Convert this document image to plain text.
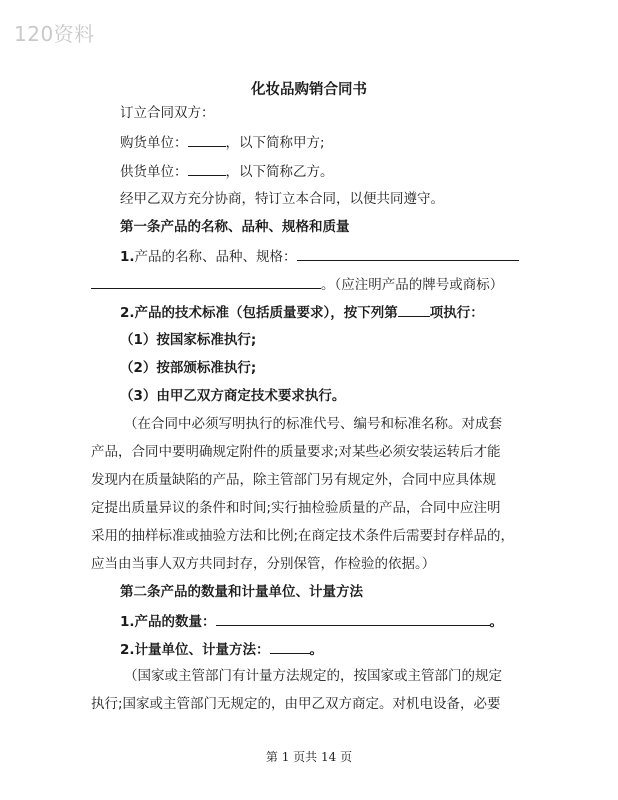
120资料
化妆品购销合同书
订立合同双方：
购货单位：	，以下简称甲方;
供货单位：	，以下简称乙方。
经甲乙双方充分协商，特订立本合同，以便共同遵守。
第一条产品的名称、品种、规格和质量
1.产品的名称、品种、规格：
。（应注明产品的牌号或商标）
2.产品的技术标准（包括质量要求），按下列第 项执行：
（1）按国家标准执行;
（2）按部颁标准执行;
（3）由甲乙双方商定技术要求执行。
（在合同中必须写明执行的标准代号、编号和标准名称。对成套
产品，合同中要明确规定附件的质量要求;对某些必须安装运转后才能
发现内在质量缺陷的产品，除主管部门另有规定外，合同中应具体规
定提出质量异议的条件和时间;实行抽检验质量的产品，合同中应注明
采用的抽样标准或抽验方法和比例;在商定技术条件后需要封存样品的，
应当由当事人双方共同封存，分别保管，作检验的依据。）
第二条产品的数量和计量单位、计量方法
1.产品的数量：	。
2.计量单位、计量方法：	。
（国家或主管部门有计量方法规定的，按国家或主管部门的规定
执行;国家或主管部门无规定的，由甲乙双方商定。对机电设备，必要
第 1 页共 14 页
